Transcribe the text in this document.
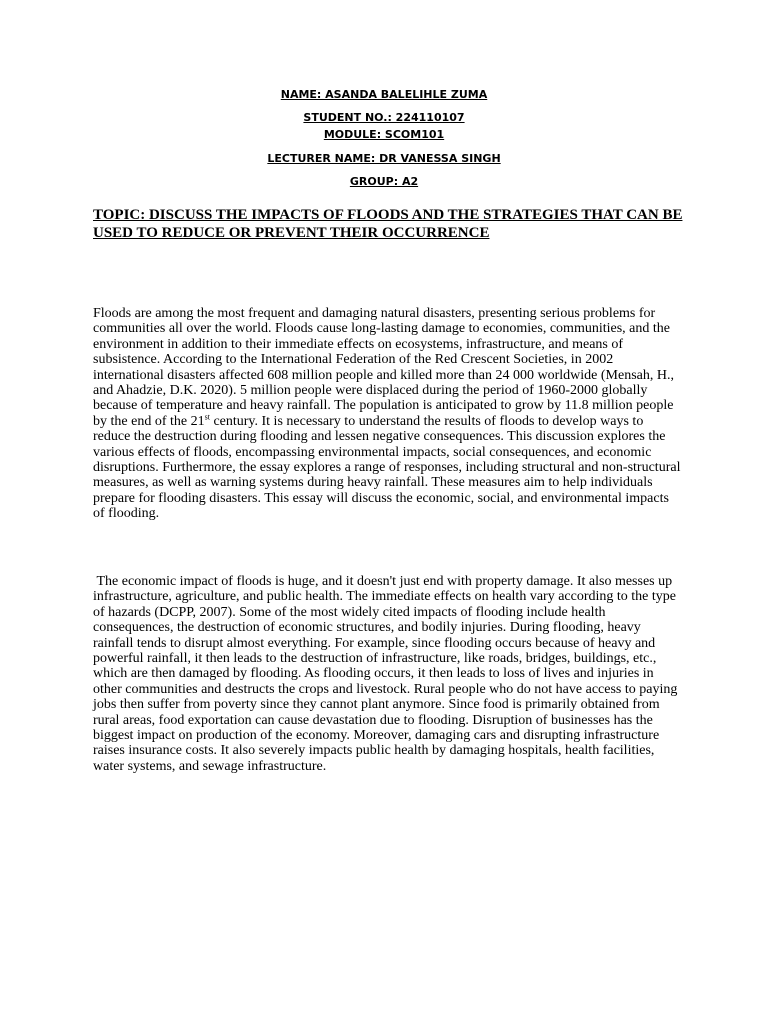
NAME: ASANDA BALELIHLE ZUMA
STUDENT NO.: 224110107
MODULE: SCOM101
LECTURER NAME: DR VANESSA SINGH
GROUP: A2
TOPIC: DISCUSS THE IMPACTS OF FLOODS AND THE STRATEGIES THAT CAN BE USED TO REDUCE OR PREVENT THEIR OCCURRENCE

Floods are among the most frequent and damaging natural disasters, presenting serious problems for communities all over the world. Floods cause long-lasting damage to economies, communities, and the environment in addition to their immediate effects on ecosystems, infrastructure, and means of subsistence. According to the International Federation of the Red Crescent Societies, in 2002 international disasters affected 608 million people and killed more than 24 000 worldwide (Mensah, H., and Ahadzie, D.K. 2020). 5 million people were displaced during the period of 1960-2000 globally because of temperature and heavy rainfall. The population is anticipated to grow by 11.8 million people by the end of the 21st century. It is necessary to understand the results of floods to develop ways to reduce the destruction during flooding and lessen negative consequences. This discussion explores the various effects of floods, encompassing environmental impacts, social consequences, and economic disruptions. Furthermore, the essay explores a range of responses, including structural and non-structural measures, as well as warning systems during heavy rainfall. These measures aim to help individuals prepare for flooding disasters. This essay will discuss the economic, social, and environmental impacts of flooding.

The economic impact of floods is huge, and it doesn't just end with property damage. It also messes up infrastructure, agriculture, and public health. The immediate effects on health vary according to the type of hazards (DCPP, 2007). Some of the most widely cited impacts of flooding include health consequences, the destruction of economic structures, and bodily injuries. During flooding, heavy rainfall tends to disrupt almost everything. For example, since flooding occurs because of heavy and powerful rainfall, it then leads to the destruction of infrastructure, like roads, bridges, buildings, etc., which are then damaged by flooding. As flooding occurs, it then leads to loss of lives and injuries in other communities and destructs the crops and livestock. Rural people who do not have access to paying jobs then suffer from poverty since they cannot plant anymore. Since food is primarily obtained from rural areas, food exportation can cause devastation due to flooding. Disruption of businesses has the biggest impact on production of the economy. Moreover, damaging cars and disrupting infrastructure raises insurance costs. It also severely impacts public health by damaging hospitals, health facilities, water systems, and sewage infrastructure.
